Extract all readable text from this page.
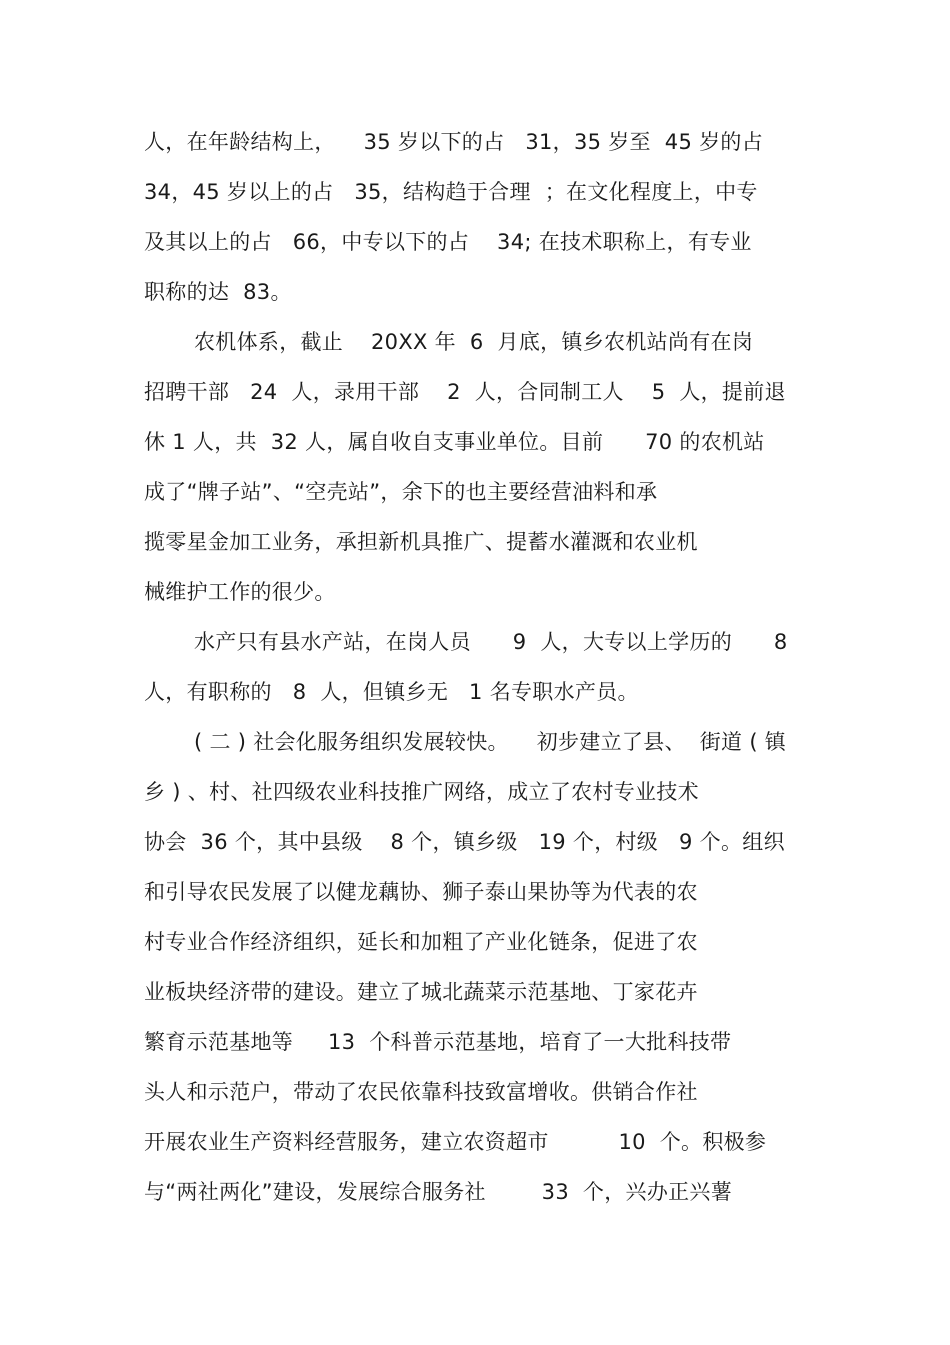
人，在年龄结构上，    35 岁以下的占   31，35 岁至  45 岁的占
34，45 岁以上的占   35，结构趋于合理  ；在文化程度上，中专
及其以上的占   66，中专以下的占    34; 在技术职称上，有专业
职称的达  83。
农机体系，截止    20XX 年  6  月底，镇乡农机站尚有在岗
招聘干部   24  人，录用干部    2  人，合同制工人    5  人，提前退
休 1 人，共  32 人，属自收自支事业单位。目前      70 的农机站
成了“牌子站”、“空壳站”，余下的也主要经营油料和承
揽零星金加工业务，承担新机具推广、提蓄水灌溉和农业机
械维护工作的很少。
水产只有县水产站，在岗人员      9  人，大专以上学历的      8
人，有职称的   8  人，但镇乡无   1 名专职水产员。
( 二 ) 社会化服务组织发展较快。    初步建立了县、  街道 ( 镇
乡 ) 、村、社四级农业科技推广网络，成立了农村专业技术
协会  36 个，其中县级    8 个，镇乡级   19 个，村级   9 个。组织
和引导农民发展了以健龙藕协、狮子泰山果协等为代表的农
村专业合作经济组织，延长和加粗了产业化链条，促进了农
业板块经济带的建设。建立了城北蔬菜示范基地、丁家花卉
繁育示范基地等     13  个科普示范基地，培育了一大批科技带
头人和示范户，带动了农民依靠科技致富增收。供销合作社
开展农业生产资料经营服务，建立农资超市          10  个。积极参
与“两社两化”建设，发展综合服务社        33  个，兴办正兴薯
